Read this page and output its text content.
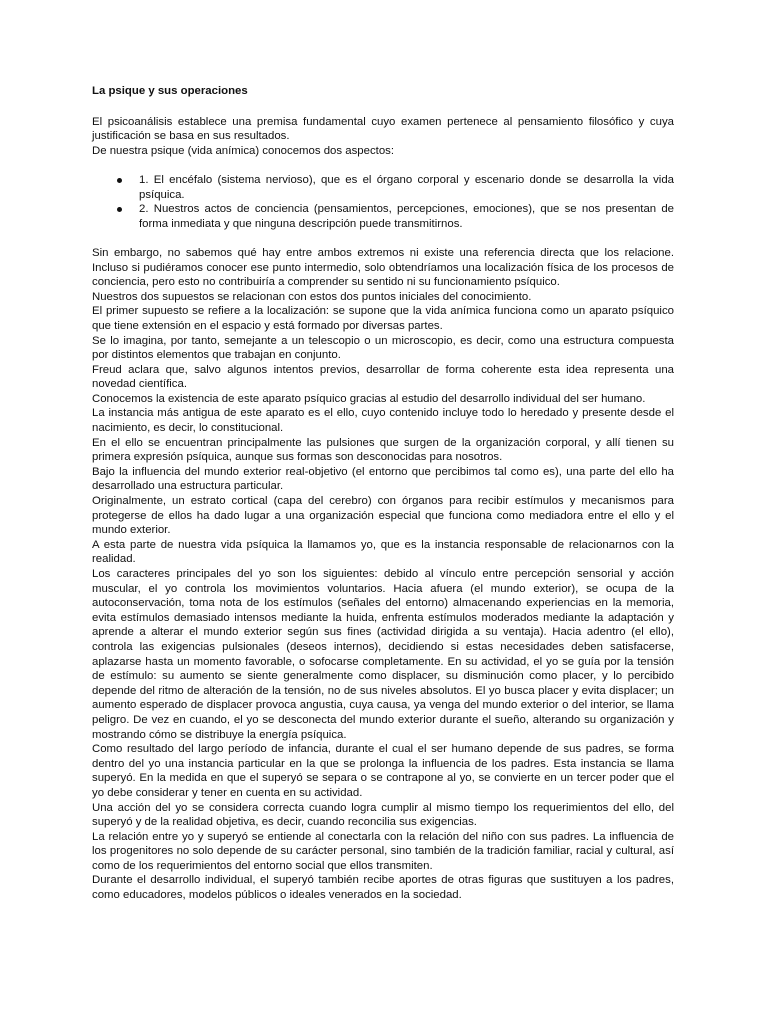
La psique y sus operaciones

El psicoanálisis establece una premisa fundamental cuyo examen pertenece al pensamiento filosófico y cuya justificación se basa en sus resultados.

De nuestra psique (vida anímica) conocemos dos aspectos:

1. El encéfalo (sistema nervioso), que es el órgano corporal y escenario donde se desarrolla la vida psíquica.
2. Nuestros actos de conciencia (pensamientos, percepciones, emociones), que se nos presentan de forma inmediata y que ninguna descripción puede transmitirnos.

Sin embargo, no sabemos qué hay entre ambos extremos ni existe una referencia directa que los relacione. Incluso si pudiéramos conocer ese punto intermedio, solo obtendríamos una localización física de los procesos de conciencia, pero esto no contribuiría a comprender su sentido ni su funcionamiento psíquico.

Nuestros dos supuestos se relacionan con estos dos puntos iniciales del conocimiento.

El primer supuesto se refiere a la localización: se supone que la vida anímica funciona como un aparato psíquico que tiene extensión en el espacio y está formado por diversas partes.

Se lo imagina, por tanto, semejante a un telescopio o un microscopio, es decir, como una estructura compuesta por distintos elementos que trabajan en conjunto.

Freud aclara que, salvo algunos intentos previos, desarrollar de forma coherente esta idea representa una novedad científica.

Conocemos la existencia de este aparato psíquico gracias al estudio del desarrollo individual del ser humano.

La instancia más antigua de este aparato es el ello, cuyo contenido incluye todo lo heredado y presente desde el nacimiento, es decir, lo constitucional.

En el ello se encuentran principalmente las pulsiones que surgen de la organización corporal, y allí tienen su primera expresión psíquica, aunque sus formas son desconocidas para nosotros.

Bajo la influencia del mundo exterior real-objetivo (el entorno que percibimos tal como es), una parte del ello ha desarrollado una estructura particular.

Originalmente, un estrato cortical (capa del cerebro) con órganos para recibir estímulos y mecanismos para protegerse de ellos ha dado lugar a una organización especial que funciona como mediadora entre el ello y el mundo exterior.

A esta parte de nuestra vida psíquica la llamamos yo, que es la instancia responsable de relacionarnos con la realidad.

Los caracteres principales del yo son los siguientes: debido al vínculo entre percepción sensorial y acción muscular, el yo controla los movimientos voluntarios. Hacia afuera (el mundo exterior), se ocupa de la autoconservación, toma nota de los estímulos (señales del entorno) almacenando experiencias en la memoria, evita estímulos demasiado intensos mediante la huida, enfrenta estímulos moderados mediante la adaptación y aprende a alterar el mundo exterior según sus fines (actividad dirigida a su ventaja). Hacia adentro (el ello), controla las exigencias pulsionales (deseos internos), decidiendo si estas necesidades deben satisfacerse, aplazarse hasta un momento favorable, o sofocarse completamente. En su actividad, el yo se guía por la tensión de estímulo: su aumento se siente generalmente como displacer, su disminución como placer, y lo percibido depende del ritmo de alteración de la tensión, no de sus niveles absolutos. El yo busca placer y evita displacer; un aumento esperado de displacer provoca angustia, cuya causa, ya venga del mundo exterior o del interior, se llama peligro. De vez en cuando, el yo se desconecta del mundo exterior durante el sueño, alterando su organización y mostrando cómo se distribuye la energía psíquica.

Como resultado del largo período de infancia, durante el cual el ser humano depende de sus padres, se forma dentro del yo una instancia particular en la que se prolonga la influencia de los padres. Esta instancia se llama superyó. En la medida en que el superyó se separa o se contrapone al yo, se convierte en un tercer poder que el yo debe considerar y tener en cuenta en su actividad.

Una acción del yo se considera correcta cuando logra cumplir al mismo tiempo los requerimientos del ello, del superyó y de la realidad objetiva, es decir, cuando reconcilia sus exigencias.

La relación entre yo y superyó se entiende al conectarla con la relación del niño con sus padres. La influencia de los progenitores no solo depende de su carácter personal, sino también de la tradición familiar, racial y cultural, así como de los requerimientos del entorno social que ellos transmiten.

Durante el desarrollo individual, el superyó también recibe aportes de otras figuras que sustituyen a los padres, como educadores, modelos públicos o ideales venerados en la sociedad.
